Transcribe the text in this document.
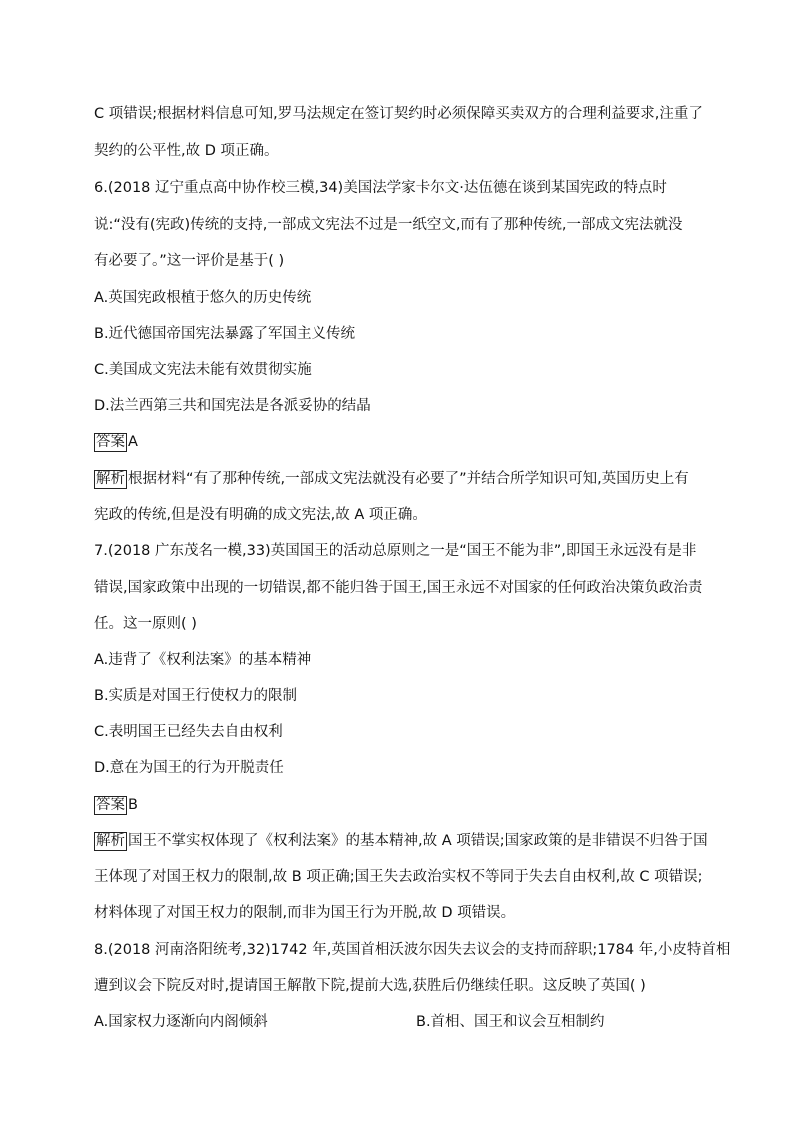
C 项错误;根据材料信息可知,罗马法规定在签订契约时必须保障买卖双方的合理利益要求,注重了
契约的公平性,故 D 项正确。
6.(2018 辽宁重点高中协作校三模,34)美国法学家卡尔文·达伍德在谈到某国宪政的特点时
说:“没有(宪政)传统的支持,一部成文宪法不过是一纸空文,而有了那种传统,一部成文宪法就没
有必要了。”这一评价是基于( )
A.英国宪政根植于悠久的历史传统
B.近代德国帝国宪法暴露了军国主义传统
C.美国成文宪法未能有效贯彻实施
D.法兰西第三共和国宪法是各派妥协的结晶
答案 A
解析 根据材料“有了那种传统,一部成文宪法就没有必要了”并结合所学知识可知,英国历史上有
宪政的传统,但是没有明确的成文宪法,故 A 项正确。
7.(2018 广东茂名一模,33)英国国王的活动总原则之一是“国王不能为非”,即国王永远没有是非
错误,国家政策中出现的一切错误,都不能归咎于国王,国王永远不对国家的任何政治决策负政治责
任。这一原则( )
A.违背了《权利法案》的基本精神
B.实质是对国王行使权力的限制
C.表明国王已经失去自由权利
D.意在为国王的行为开脱责任
答案 B
解析 国王不掌实权体现了《权利法案》的基本精神,故 A 项错误;国家政策的是非错误不归咎于国
王体现了对国王权力的限制,故 B 项正确;国王失去政治实权不等同于失去自由权利,故 C 项错误;
材料体现了对国王权力的限制,而非为国王行为开脱,故 D 项错误。
8.(2018 河南洛阳统考,32)1742 年,英国首相沃波尔因失去议会的支持而辞职;1784 年,小皮特首相
遭到议会下院反对时,提请国王解散下院,提前大选,获胜后仍继续任职。这反映了英国( )
A.国家权力逐渐向内阁倾斜	B.首相、国王和议会互相制约
